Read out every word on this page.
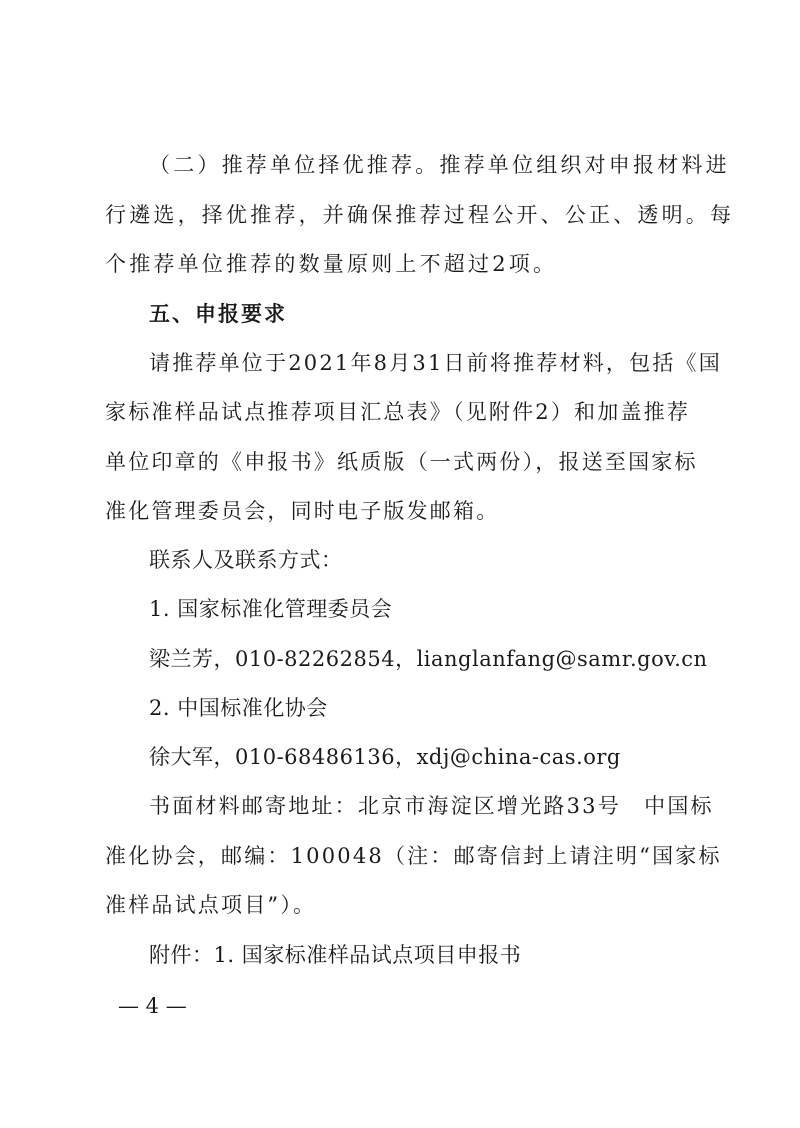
（二）推荐单位择优推荐。推荐单位组织对申报材料进
行遴选，择优推荐，并确保推荐过程公开、公正、透明。每
个推荐单位推荐的数量原则上不超过2项。
五、申报要求
请推荐单位于2021年8月31日前将推荐材料，包括《国
家标准样品试点推荐项目汇总表》（见附件2）和加盖推荐
单位印章的《申报书》纸质版（一式两份），报送至国家标
准化管理委员会，同时电子版发邮箱。
联系人及联系方式：
1. 国家标准化管理委员会
梁兰芳，010-82262854，lianglanfang@samr.gov.cn
2. 中国标准化协会
徐大军，010-68486136，xdj@china-cas.org
书面材料邮寄地址：北京市海淀区增光路33号　中国标
准化协会，邮编：100048（注：邮寄信封上请注明“国家标
准样品试点项目”）。
附件：1. 国家标准样品试点项目申报书
— 4 —
